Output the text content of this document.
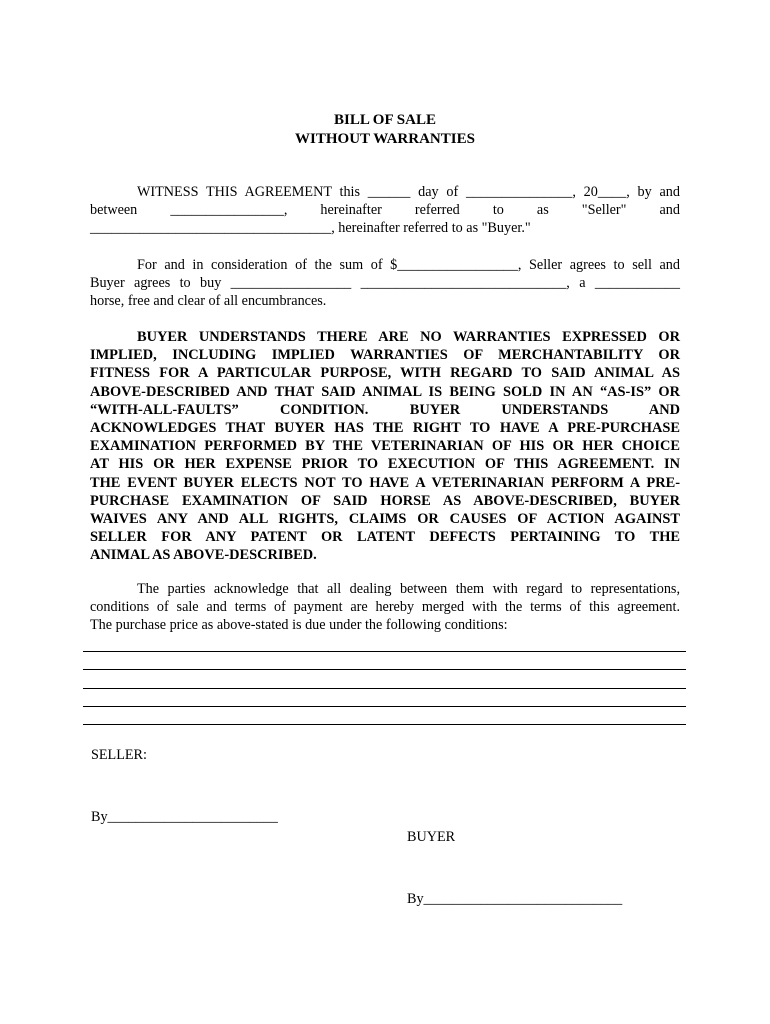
BILL OF SALE
WITHOUT WARRANTIES
WITNESS THIS AGREEMENT this ______ day of _______________, 20____, by and
between ________________, hereinafter referred to as "Seller" and
__________________________________, hereinafter referred to as "Buyer."
For and in consideration of the sum of $_________________, Seller agrees to sell and
Buyer agrees to buy _________________ _____________________________, a ____________
horse, free and clear of all encumbrances.
BUYER UNDERSTANDS THERE ARE NO WARRANTIES EXPRESSED OR
IMPLIED, INCLUDING IMPLIED WARRANTIES OF MERCHANTABILITY OR
FITNESS FOR A PARTICULAR PURPOSE, WITH REGARD TO SAID ANIMAL AS
ABOVE-DESCRIBED AND THAT SAID ANIMAL IS BEING SOLD IN AN “AS-IS” OR
“WITH-ALL-FAULTS” CONDITION. BUYER UNDERSTANDS AND
ACKNOWLEDGES THAT BUYER HAS THE RIGHT TO HAVE A PRE-PURCHASE
EXAMINATION PERFORMED BY THE VETERINARIAN OF HIS OR HER CHOICE
AT HIS OR HER EXPENSE PRIOR TO EXECUTION OF THIS AGREEMENT. IN
THE EVENT BUYER ELECTS NOT TO HAVE A VETERINARIAN PERFORM A PRE-
PURCHASE EXAMINATION OF SAID HORSE AS ABOVE-DESCRIBED, BUYER
WAIVES ANY AND ALL RIGHTS, CLAIMS OR CAUSES OF ACTION AGAINST
SELLER FOR ANY PATENT OR LATENT DEFECTS PERTAINING TO THE
ANIMAL AS ABOVE-DESCRIBED.
The parties acknowledge that all dealing between them with regard to representations,
conditions of sale and terms of payment are hereby merged with the terms of this agreement.
The purchase price as above-stated is due under the following conditions:
SELLER:
By________________________
BUYER
By____________________________
